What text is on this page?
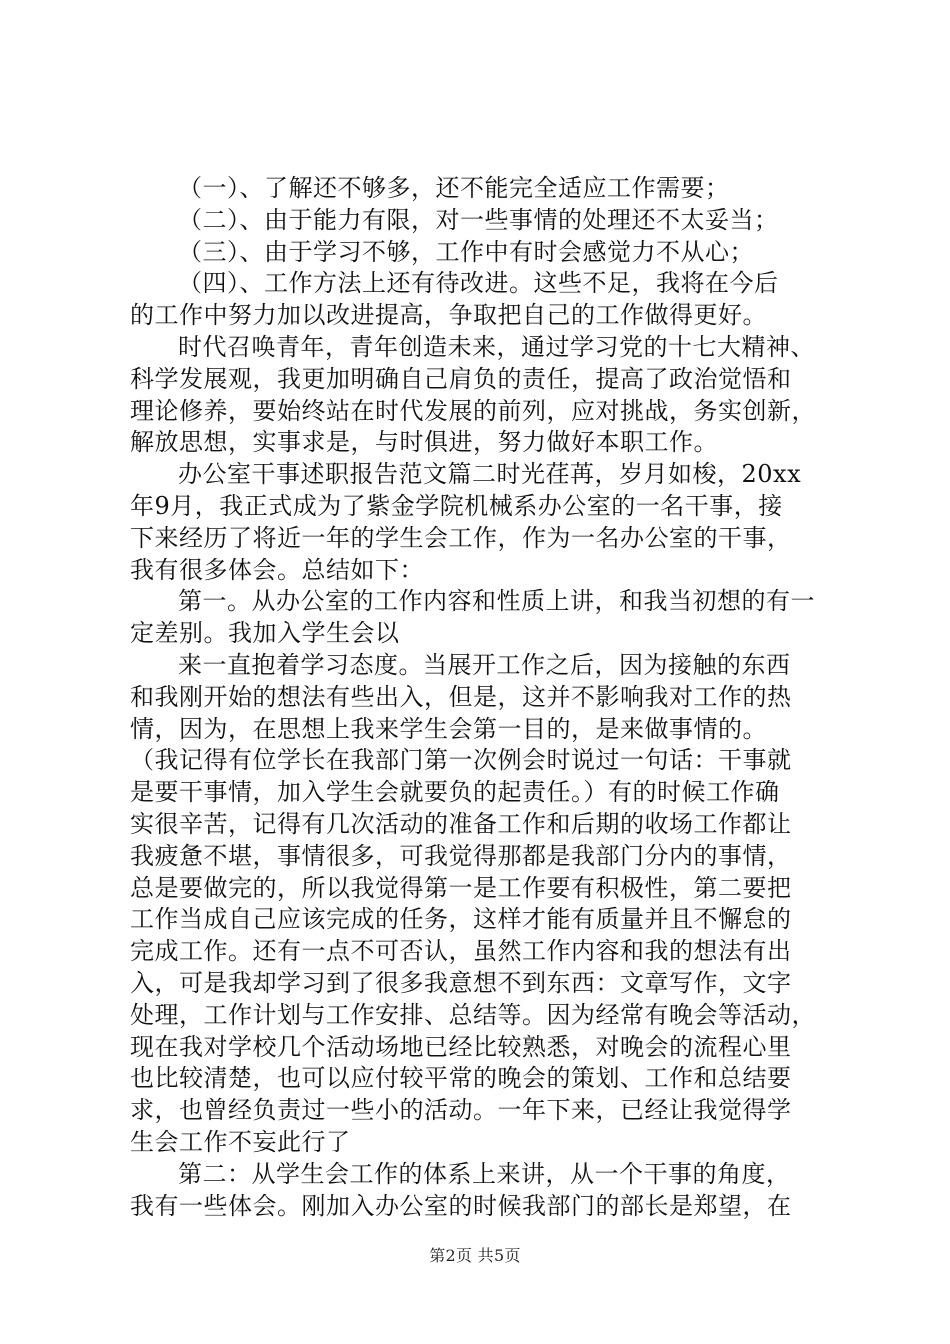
（一）、了解还不够多，还不能完全适应工作需要；
（二）、由于能力有限，对一些事情的处理还不太妥当；
（三）、由于学习不够，工作中有时会感觉力不从心；
（四）、工作方法上还有待改进。这些不足，我将在今后
的工作中努力加以改进提高，争取把自己的工作做得更好。
时代召唤青年，青年创造未来，通过学习党的十七大精神、
科学发展观，我更加明确自己肩负的责任，提高了政治觉悟和
理论修养，要始终站在时代发展的前列，应对挑战，务实创新，
解放思想，实事求是，与时俱进，努力做好本职工作。
办公室干事述职报告范文篇二时光荏苒，岁月如梭，20xx
年9月，我正式成为了紫金学院机械系办公室的一名干事，接
下来经历了将近一年的学生会工作，作为一名办公室的干事，
我有很多体会。总结如下：
第一。从办公室的工作内容和性质上讲，和我当初想的有一
定差别。我加入学生会以
来一直抱着学习态度。当展开工作之后，因为接触的东西
和我刚开始的想法有些出入，但是，这并不影响我对工作的热
情，因为，在思想上我来学生会第一目的，是来做事情的。
（我记得有位学长在我部门第一次例会时说过一句话：干事就
是要干事情，加入学生会就要负的起责任。）有的时候工作确
实很辛苦，记得有几次活动的准备工作和后期的收场工作都让
我疲惫不堪，事情很多，可我觉得那都是我部门分内的事情，
总是要做完的，所以我觉得第一是工作要有积极性，第二要把
工作当成自己应该完成的任务，这样才能有质量并且不懈怠的
完成工作。还有一点不可否认，虽然工作内容和我的想法有出
入，可是我却学习到了很多我意想不到东西：文章写作，文字
处理，工作计划与工作安排、总结等。因为经常有晚会等活动，
现在我对学校几个活动场地已经比较熟悉，对晚会的流程心里
也比较清楚，也可以应付较平常的晚会的策划、工作和总结要
求，也曾经负责过一些小的活动。一年下来，已经让我觉得学
生会工作不妄此行了
第二：从学生会工作的体系上来讲，从一个干事的角度，
我有一些体会。刚加入办公室的时候我部门的部长是郑望，在
第2页 共5页
